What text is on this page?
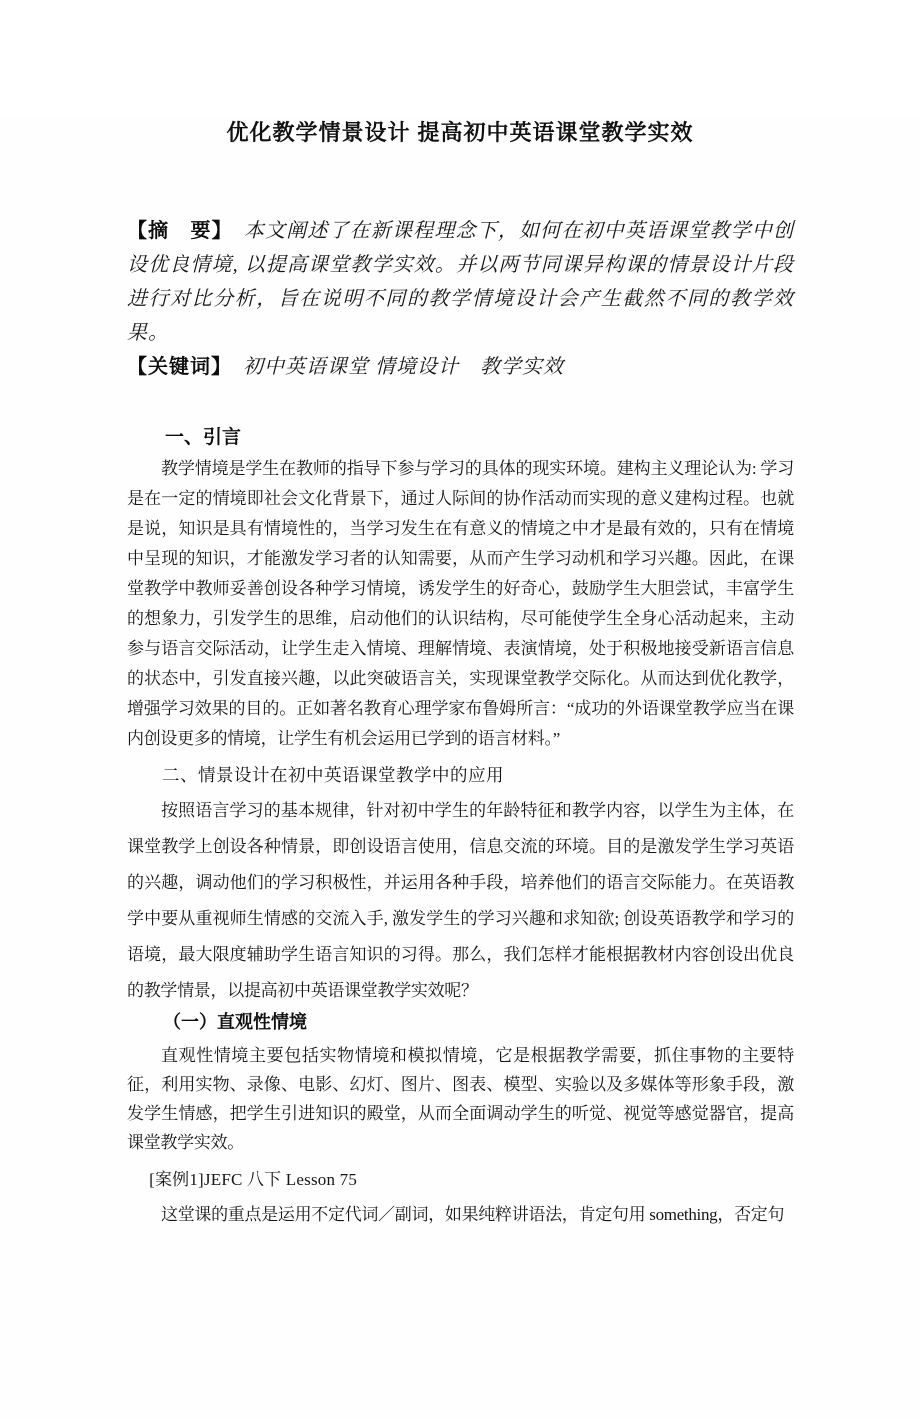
优化教学情景设计 提高初中英语课堂教学实效

【摘　要】 本文阐述了在新课程理念下，如何在初中英语课堂教学中创设优良情境, 以提高课堂教学实效。并以两节同课异构课的情景设计片段进行对比分析，旨在说明不同的教学情境设计会产生截然不同的教学效果。

【关键词】 初中英语课堂 情境设计　教学实效

一、引言

教学情境是学生在教师的指导下参与学习的具体的现实环境。建构主义理论认为: 学习是在一定的情境即社会文化背景下，通过人际间的协作活动而实现的意义建构过程。也就是说，知识是具有情境性的，当学习发生在有意义的情境之中才是最有效的，只有在情境中呈现的知识，才能激发学习者的认知需要，从而产生学习动机和学习兴趣。因此，在课堂教学中教师妥善创设各种学习情境，诱发学生的好奇心，鼓励学生大胆尝试，丰富学生的想象力，引发学生的思维，启动他们的认识结构，尽可能使学生全身心活动起来，主动参与语言交际活动，让学生走入情境、理解情境、表演情境，处于积极地接受新语言信息的状态中，引发直接兴趣，以此突破语言关，实现课堂教学交际化。从而达到优化教学，增强学习效果的目的。正如著名教育心理学家布鲁姆所言：“成功的外语课堂教学应当在课内创设更多的情境，让学生有机会运用已学到的语言材料。”

二、情景设计在初中英语课堂教学中的应用

按照语言学习的基本规律，针对初中学生的年龄特征和教学内容，以学生为主体，在课堂教学上创设各种情景，即创设语言使用，信息交流的环境。目的是激发学生学习英语的兴趣，调动他们的学习积极性，并运用各种手段，培养他们的语言交际能力。在英语教学中要从重视师生情感的交流入手, 激发学生的学习兴趣和求知欲; 创设英语教学和学习的语境，最大限度辅助学生语言知识的习得。那么，我们怎样才能根据教材内容创设出优良的教学情景，以提高初中英语课堂教学实效呢？

（一）直观性情境

直观性情境主要包括实物情境和模拟情境，它是根据教学需要，抓住事物的主要特征，利用实物、录像、电影、幻灯、图片、图表、模型、实验以及多媒体等形象手段，激发学生情感，把学生引进知识的殿堂，从而全面调动学生的听觉、视觉等感觉器官，提高课堂教学实效。

[案例1]JEFC 八下 Lesson 75

这堂课的重点是运用不定代词／副词，如果纯粹讲语法，肯定句用 something，否定句
